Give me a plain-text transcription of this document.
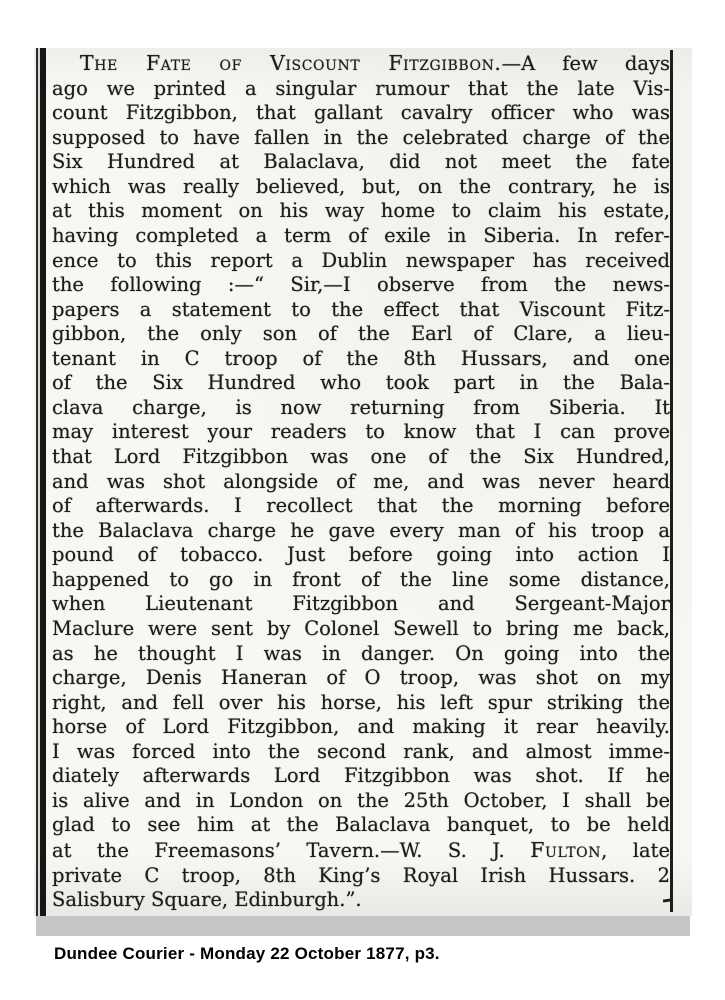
The Fate of Viscount Fitzgibbon.—A few days
ago we printed a singular rumour that the late Vis-
count Fitzgibbon, that gallant cavalry officer who was
supposed to have fallen in the celebrated charge of the
Six Hundred at Balaclava, did not meet the fate
which was really believed, but, on the contrary, he is
at this moment on his way home to claim his estate,
having completed a term of exile in Siberia. In refer-
ence to this report a Dublin newspaper has received
the following :—“ Sir,—I observe from the news-
papers a statement to the effect that Viscount Fitz-
gibbon, the only son of the Earl of Clare, a lieu-
tenant in C troop of the 8th Hussars, and one
of the Six Hundred who took part in the Bala-
clava charge, is now returning from Siberia. It
may interest your readers to know that I can prove
that Lord Fitzgibbon was one of the Six Hundred,
and was shot alongside of me, and was never heard
of afterwards. I recollect that the morning before
the Balaclava charge he gave every man of his troop a
pound of tobacco. Just before going into action I
happened to go in front of the line some distance,
when Lieutenant Fitzgibbon and Sergeant-Major
Maclure were sent by Colonel Sewell to bring me back,
as he thought I was in danger. On going into the
charge, Denis Haneran of O troop, was shot on my
right, and fell over his horse, his left spur striking the
horse of Lord Fitzgibbon, and making it rear heavily.
I was forced into the second rank, and almost imme-
diately afterwards Lord Fitzgibbon was shot. If he
is alive and in London on the 25th October, I shall be
glad to see him at the Balaclava banquet, to be held
at the Freemasons’ Tavern.—W. S. J. Fulton, late
private C troop, 8th King’s Royal Irish Hussars. 2
Salisbury Square, Edinburgh.”.
Dundee Courier - Monday 22 October 1877, p3.
